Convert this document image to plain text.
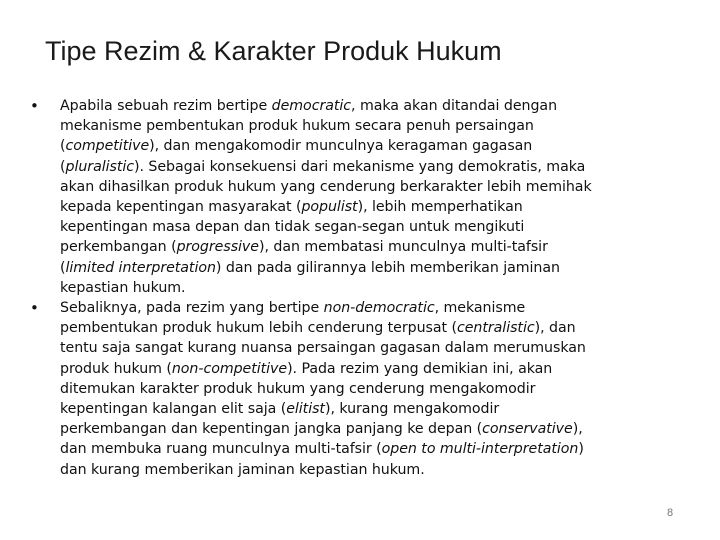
Tipe Rezim & Karakter Produk Hukum
• Apabila sebuah rezim bertipe democratic, maka akan ditandai dengan
mekanisme pembentukan produk hukum secara penuh persaingan
(competitive), dan mengakomodir munculnya keragaman gagasan
(pluralistic). Sebagai konsekuensi dari mekanisme yang demokratis, maka
akan dihasilkan produk hukum yang cenderung berkarakter lebih memihak
kepada kepentingan masyarakat (populist), lebih memperhatikan
kepentingan masa depan dan tidak segan-segan untuk mengikuti
perkembangan (progressive), dan membatasi munculnya multi-tafsir
(limited interpretation) dan pada gilirannya lebih memberikan jaminan
kepastian hukum.
• Sebaliknya, pada rezim yang bertipe non-democratic, mekanisme
pembentukan produk hukum lebih cenderung terpusat (centralistic), dan
tentu saja sangat kurang nuansa persaingan gagasan dalam merumuskan
produk hukum (non-competitive). Pada rezim yang demikian ini, akan
ditemukan karakter produk hukum yang cenderung mengakomodir
kepentingan kalangan elit saja (elitist), kurang mengakomodir
perkembangan dan kepentingan jangka panjang ke depan (conservative),
dan membuka ruang munculnya multi-tafsir (open to multi-interpretation)
dan kurang memberikan jaminan kepastian hukum.
8
